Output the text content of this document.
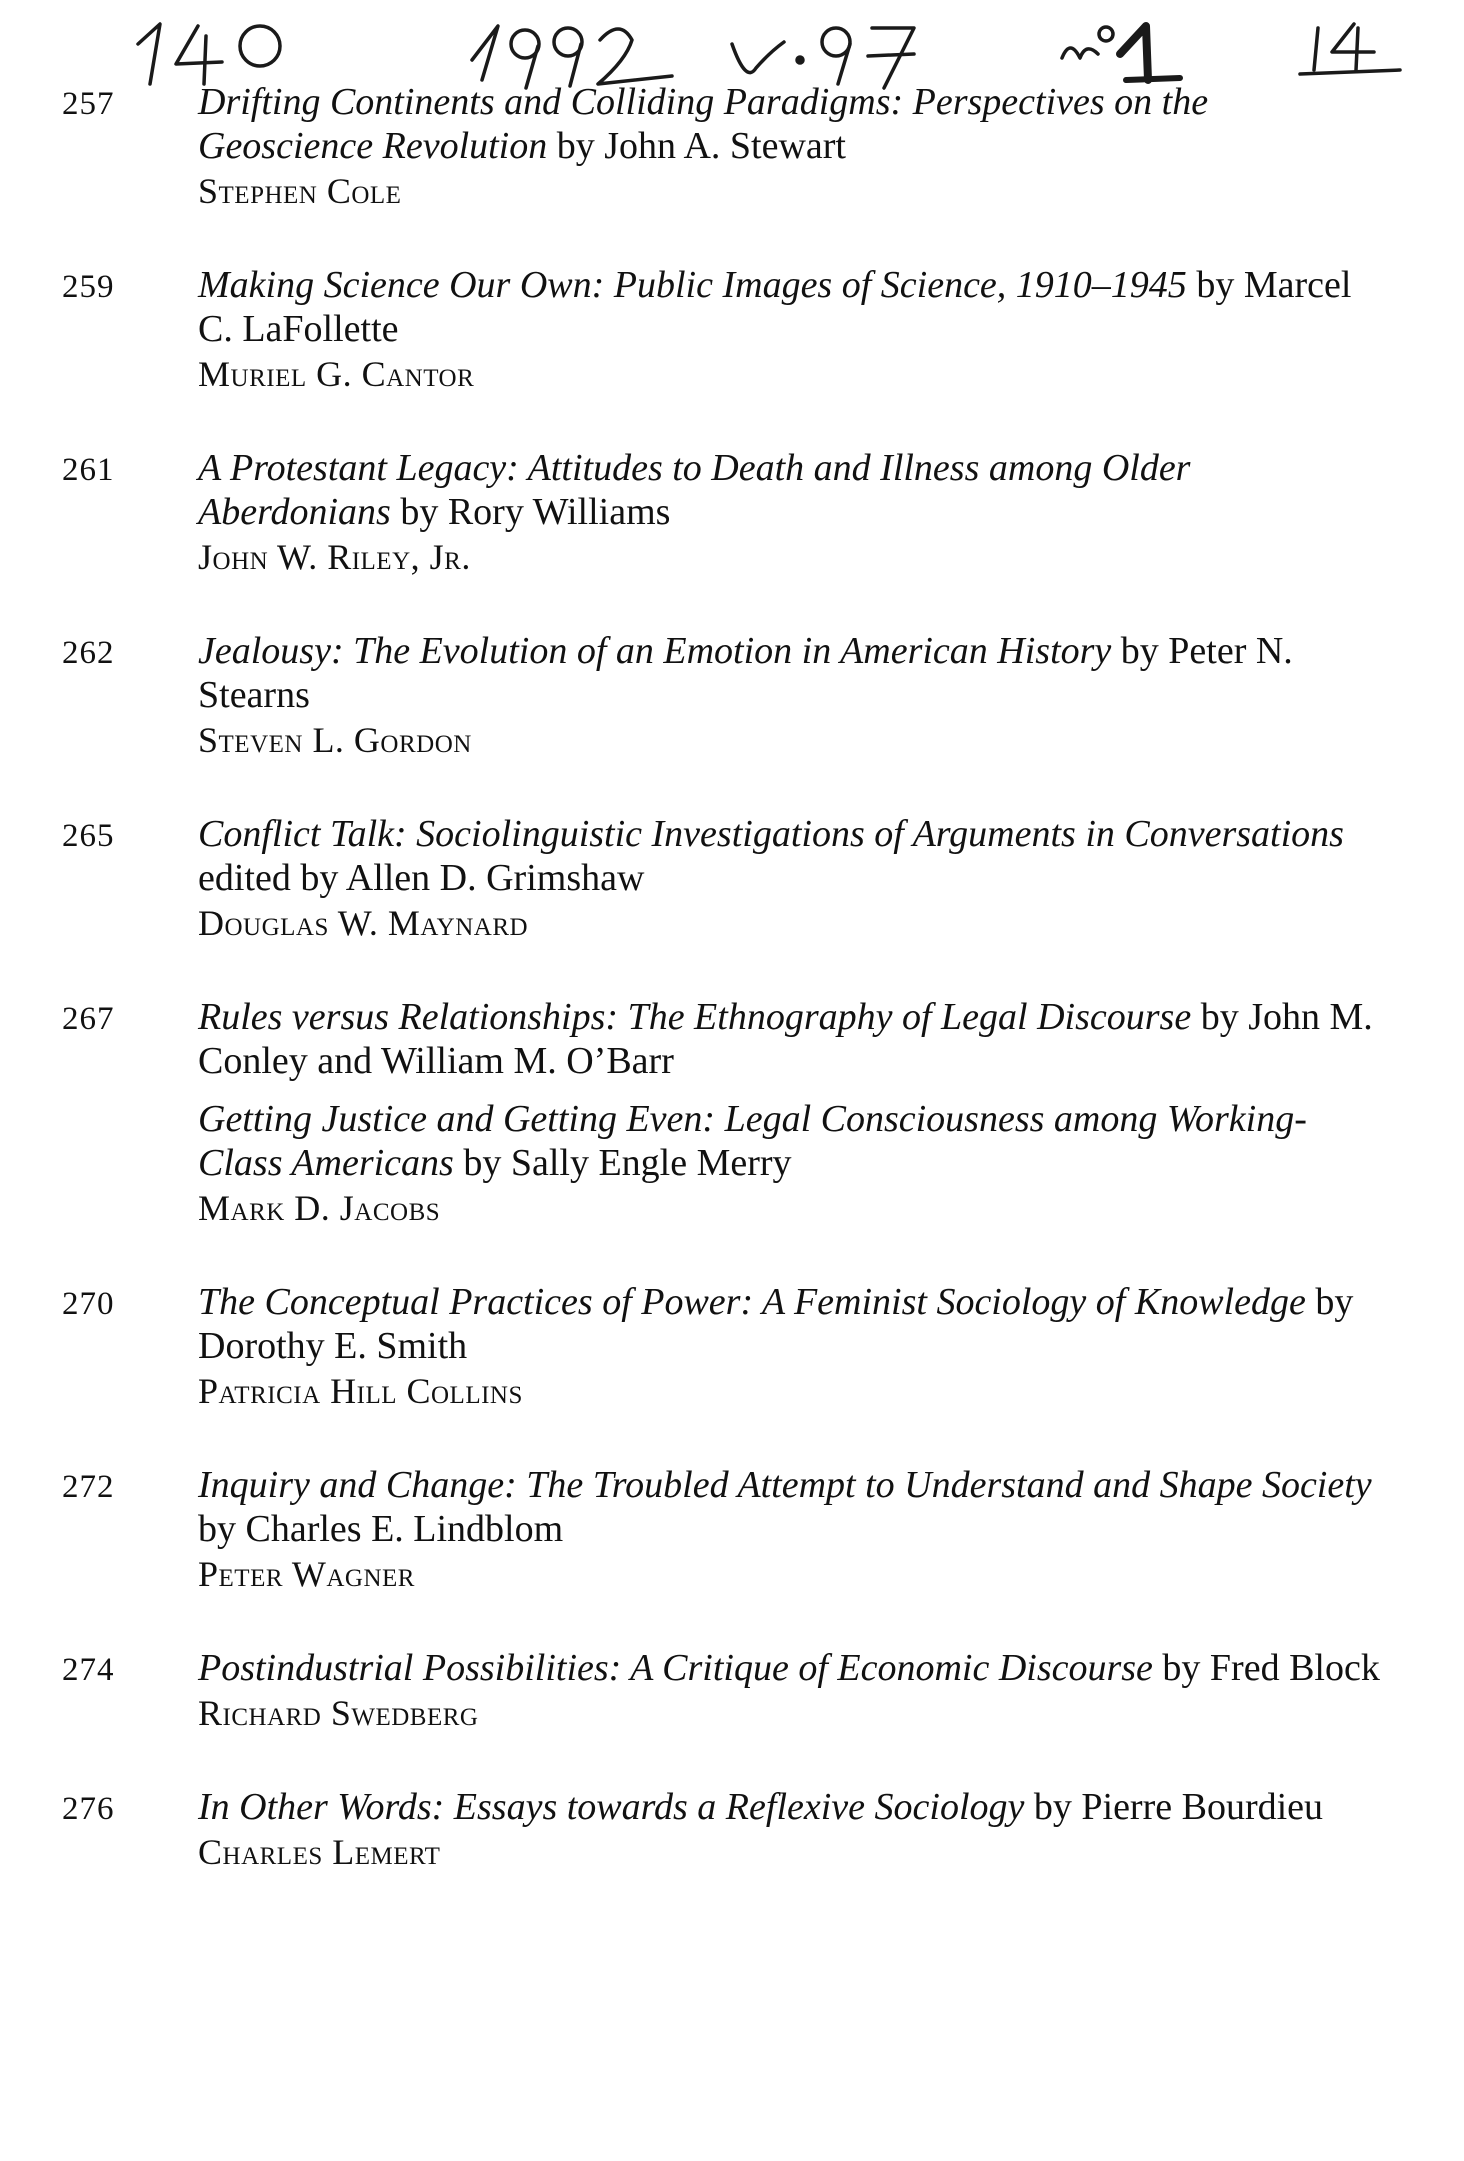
257	Drifting Continents and Colliding Paradigms: Perspectives on the Geoscience Revolution by John A. Stewart
Stephen Cole
259	Making Science Our Own: Public Images of Science, 1910–1945 by Marcel C. LaFollette
Muriel G. Cantor
261	A Protestant Legacy: Attitudes to Death and Illness among Older Aberdonians by Rory Williams
John W. Riley, Jr.
262	Jealousy: The Evolution of an Emotion in American History by Peter N. Stearns
Steven L. Gordon
265	Conflict Talk: Sociolinguistic Investigations of Arguments in Conversations edited by Allen D. Grimshaw
Douglas W. Maynard
267	Rules versus Relationships: The Ethnography of Legal Discourse by John M. Conley and William M. O’Barr
Getting Justice and Getting Even: Legal Consciousness among Working-Class Americans by Sally Engle Merry
Mark D. Jacobs
270	The Conceptual Practices of Power: A Feminist Sociology of Knowledge by Dorothy E. Smith
Patricia Hill Collins
272	Inquiry and Change: The Troubled Attempt to Understand and Shape Society by Charles E. Lindblom
Peter Wagner
274	Postindustrial Possibilities: A Critique of Economic Discourse by Fred Block
Richard Swedberg
276	In Other Words: Essays towards a Reflexive Sociology by Pierre Bourdieu
Charles Lemert
